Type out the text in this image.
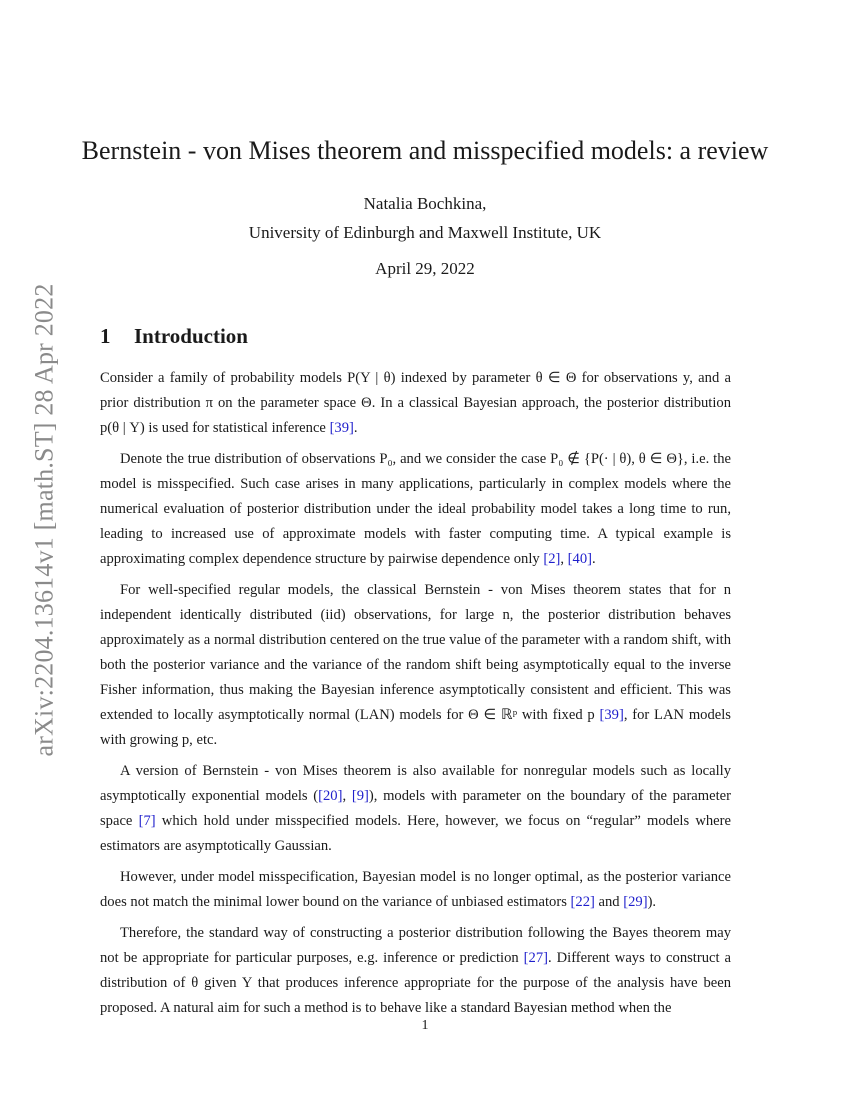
arXiv:2204.13614v1 [math.ST] 28 Apr 2022
Bernstein - von Mises theorem and misspecified models: a review

Natalia Bochkina,

University of Edinburgh and Maxwell Institute, UK

April 29, 2022

1 Introduction

Consider a family of probability models P(Y | θ) indexed by parameter θ ∈ Θ for observations y, and a prior distribution π on the parameter space Θ. In a classical Bayesian approach, the posterior distribution p(θ | Y) is used for statistical inference [39].

Denote the true distribution of observations P₀, and we consider the case P₀ ∉ {P(· | θ), θ ∈ Θ}, i.e. the model is misspecified. Such case arises in many applications, particularly in complex models where the numerical evaluation of posterior distribution under the ideal probability model takes a long time to run, leading to increased use of approximate models with faster computing time. A typical example is approximating complex dependence structure by pairwise dependence only [2], [40].

For well-specified regular models, the classical Bernstein - von Mises theorem states that for n independent identically distributed (iid) observations, for large n, the posterior distribution behaves approximately as a normal distribution centered on the true value of the parameter with a random shift, with both the posterior variance and the variance of the random shift being asymptotically equal to the inverse Fisher information, thus making the Bayesian inference asymptotically consistent and efficient. This was extended to locally asymptotically normal (LAN) models for Θ ∈ ℝᵖ with fixed p [39], for LAN models with growing p, etc.

A version of Bernstein - von Mises theorem is also available for nonregular models such as locally asymptotically exponential models ([20], [9]), models with parameter on the boundary of the parameter space [7] which hold under misspecified models. Here, however, we focus on “regular” models where estimators are asymptotically Gaussian.

However, under model misspecification, Bayesian model is no longer optimal, as the posterior variance does not match the minimal lower bound on the variance of unbiased estimators [22] and [29]).

Therefore, the standard way of constructing a posterior distribution following the Bayes theorem may not be appropriate for particular purposes, e.g. inference or prediction [27]. Different ways to construct a distribution of θ given Y that produces inference appropriate for the purpose of the analysis have been proposed. A natural aim for such a method is to behave like a standard Bayesian method when the

1
